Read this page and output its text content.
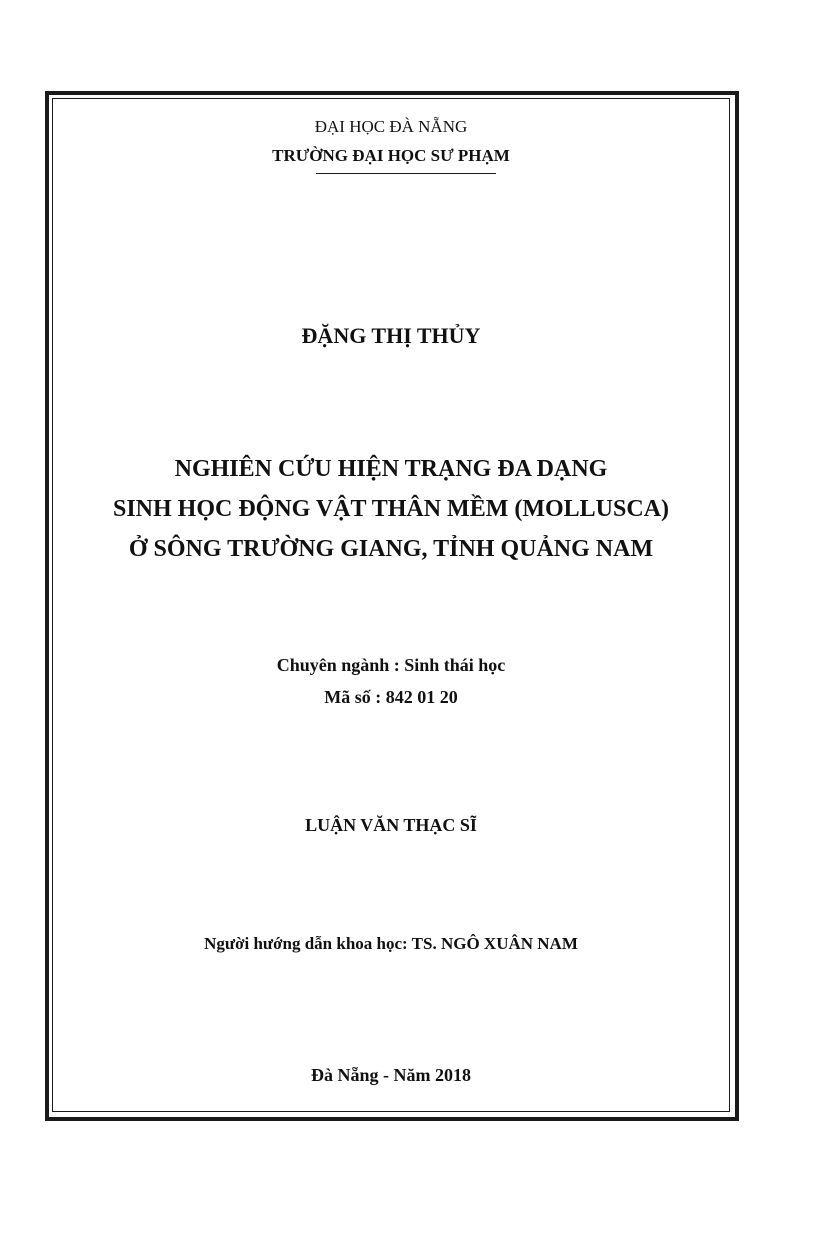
ĐẠI HỌC ĐÀ NẴNG
TRƯỜNG ĐẠI HỌC SƯ PHẠM
ĐẶNG THỊ THỦY
NGHIÊN CỨU HIỆN TRẠNG ĐA DẠNG
SINH HỌC ĐỘNG VẬT THÂN MỀM (MOLLUSCA)
Ở SÔNG TRƯỜNG GIANG, TỈNH QUẢNG NAM
Chuyên ngành : Sinh thái học
Mã số : 842 01 20
LUẬN VĂN THẠC SĨ
Người hướng dẫn khoa học: TS. NGÔ XUÂN NAM
Đà Nẵng - Năm 2018
